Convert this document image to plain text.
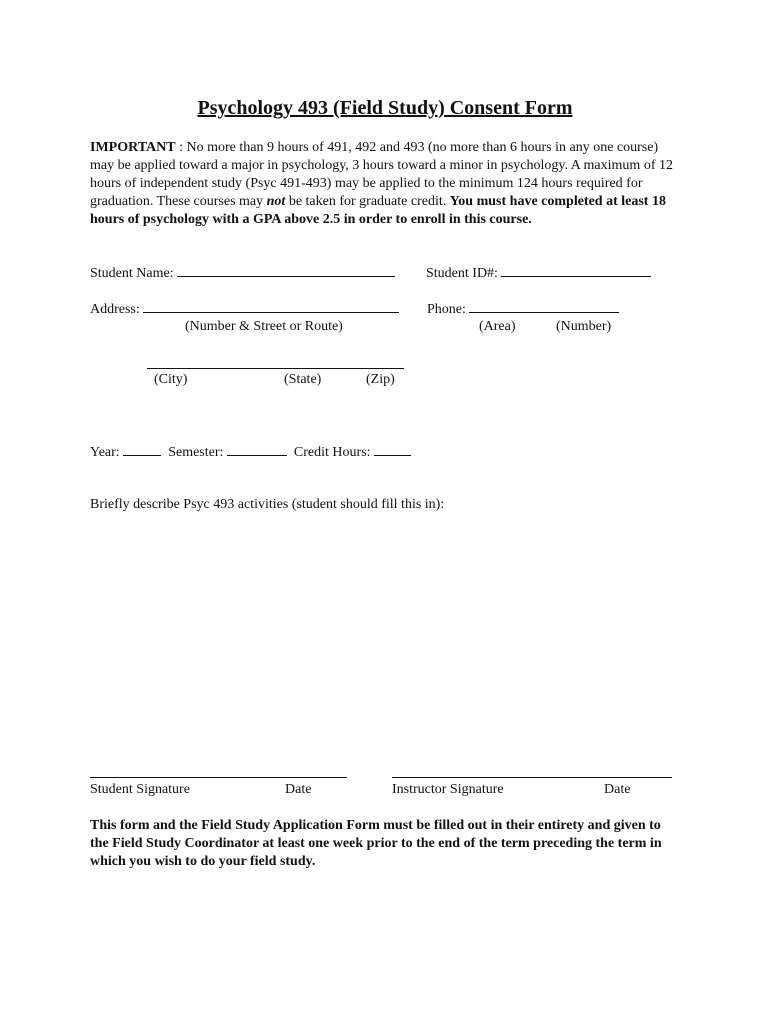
Psychology 493 (Field Study) Consent Form
IMPORTANT : No more than 9 hours of 491, 492 and 493 (no more than 6 hours in any one course) may be applied toward a major in psychology, 3 hours toward a minor in psychology. A maximum of 12 hours of independent study (Psyc 491-493) may be applied to the minimum 124 hours required for graduation. These courses may not be taken for graduate credit. You must have completed at least 18 hours of psychology with a GPA above 2.5 in order to enroll in this course.
Student Name:	Student ID#:
Address:
(Number & Street or Route)
Phone:
(Area)	(Number)
(City)	(State)	(Zip)
Year:	Semester:	Credit Hours:
Briefly describe Psyc 493 activities (student should fill this in):
Student Signature	Date	Instructor Signature	Date
This form and the Field Study Application Form must be filled out in their entirety and given to the Field Study Coordinator at least one week prior to the end of the term preceding the term in which you wish to do your field study.
